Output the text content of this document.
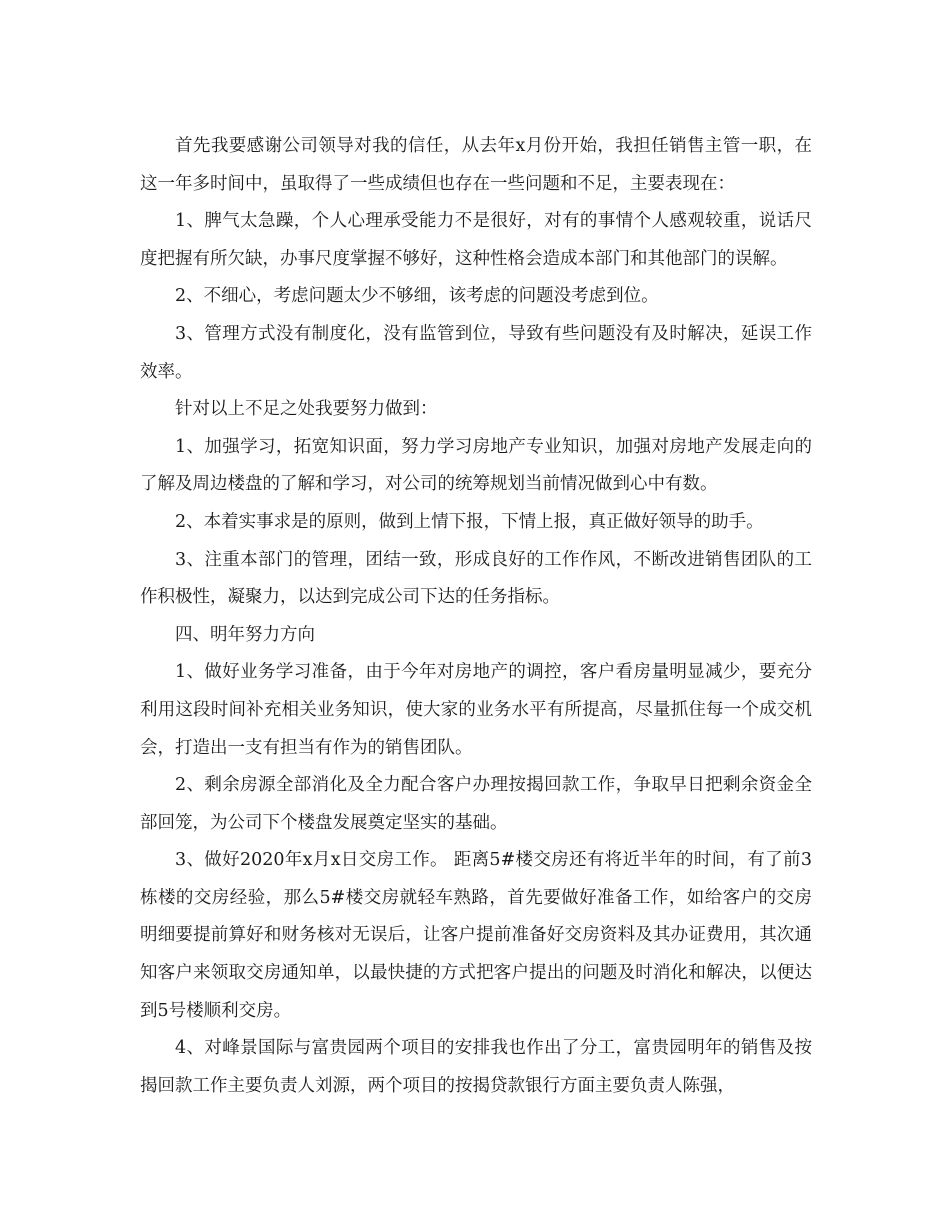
首先我要感谢公司领导对我的信任，从去年x月份开始，我担任销售主管一职，在这一年多时间中，虽取得了一些成绩但也存在一些问题和不足，主要表现在：

1、脾气太急躁，个人心理承受能力不是很好，对有的事情个人感观较重，说话尺度把握有所欠缺，办事尺度掌握不够好，这种性格会造成本部门和其他部门的误解。

2、不细心，考虑问题太少不够细，该考虑的问题没考虑到位。

3、管理方式没有制度化，没有监管到位，导致有些问题没有及时解决，延误工作效率。

针对以上不足之处我要努力做到：

1、加强学习，拓宽知识面，努力学习房地产专业知识，加强对房地产发展走向的了解及周边楼盘的了解和学习，对公司的统筹规划当前情况做到心中有数。

2、本着实事求是的原则，做到上情下报，下情上报，真正做好领导的助手。

3、注重本部门的管理，团结一致，形成良好的工作作风，不断改进销售团队的工作积极性，凝聚力，以达到完成公司下达的任务指标。

四、明年努力方向

1、做好业务学习准备，由于今年对房地产的调控，客户看房量明显减少，要充分利用这段时间补充相关业务知识，使大家的业务水平有所提高，尽量抓住每一个成交机会，打造出一支有担当有作为的销售团队。

2、剩余房源全部消化及全力配合客户办理按揭回款工作，争取早日把剩余资金全部回笼，为公司下个楼盘发展奠定坚实的基础。

3、做好2020年x月x日交房工作。 距离5#楼交房还有将近半年的时间，有了前3栋楼的交房经验，那么5#楼交房就轻车熟路，首先要做好准备工作，如给客户的交房明细要提前算好和财务核对无误后，让客户提前准备好交房资料及其办证费用，其次通知客户来领取交房通知单，以最快捷的方式把客户提出的问题及时消化和解决，以便达到5号楼顺利交房。

4、对峰景国际与富贵园两个项目的安排我也作出了分工，富贵园明年的销售及按揭回款工作主要负责人刘源，两个项目的按揭贷款银行方面主要负责人陈强，
